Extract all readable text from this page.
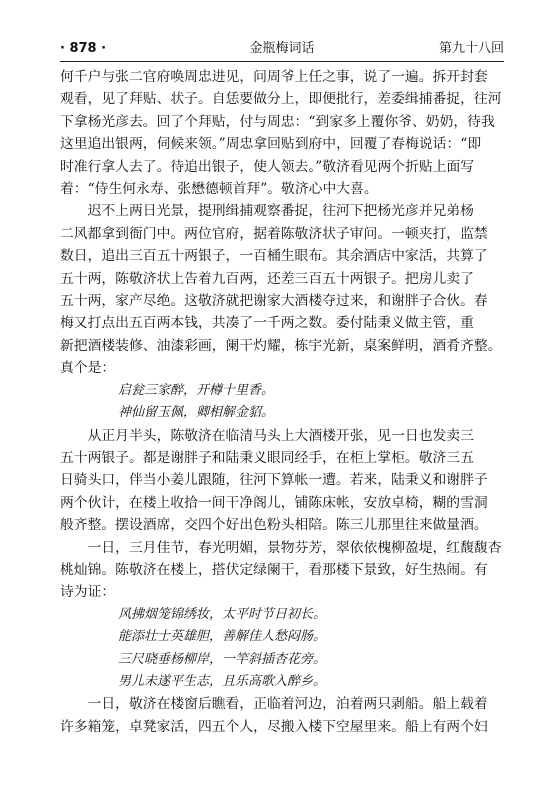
· 878 ·	金瓶梅词话	第九十八回
何千户与张二官府唤周忠进见，问周爷上任之事，说了一遍。拆开封套
观看，见了拜贴、状子。自恁要做分上，即便批行，差委缉捕番捉，往河
下拿杨光彦去。回了个拜贴，付与周忠：“到家多上覆你爷、奶奶，待我
这里追出银两，伺候来领。”周忠拿回贴到府中，回覆了春梅说话：“即
时准行拿人去了。待追出银子，使人领去。”敬济看见两个折贴上面写
着：“侍生何永寿、张懋德顿首拜”。敬济心中大喜。
迟不上两日光景，提刑缉捕观察番捉，往河下把杨光彦并兄弟杨
二风都拿到衙门中。两位官府，据着陈敬济状子审问。一顿夹打，监禁
数日，追出三百五十两银子，一百桶生眼布。其余酒店中家活，共算了
五十两，陈敬济状上告着九百两，还差三百五十两银子。把房儿卖了
五十两，家产尽绝。这敬济就把谢家大酒楼夺过来，和谢胖子合伙。春
梅又打点出五百两本钱，共凑了一千两之数。委付陆秉义做主管，重
新把酒楼装修、油漆彩画，阑干灼耀，栋宇光新，桌案鲜明，酒肴齐整。
真个是：
启瓮三家醉，开樽十里香。
神仙留玉佩，卿相解金貂。
从正月半头，陈敬济在临清马头上大酒楼开张，见一日也发卖三
五十两银子。都是谢胖子和陆秉义眼同经手，在柜上掌柜。敬济三五
日骑头口，伴当小姜儿跟随，往河下算帐一遭。若来，陆秉义和谢胖子
两个伙计，在楼上收拾一间干净阁儿，铺陈床帐，安放卓椅，糊的雪洞
般齐整。摆设酒席，交四个好出色粉头相陪。陈三儿那里往来做量酒。
一日，三月佳节，春光明媚，景物芬芳，翠依依槐柳盈堤，红馥馥杏
桃灿锦。陈敬济在楼上，搭伏定绿阑干，看那楼下景致，好生热闹。有
诗为证：
风拂烟笼锦绣妆，太平时节日初长。
能添壮士英雄胆，善解佳人愁闷肠。
三尺晓垂杨柳岸，一竿斜插杏花旁。
男儿未遂平生志，且乐高歌入醉乡。
一日，敬济在楼窗后瞧看，正临着河边，泊着两只剥船。船上载着
许多箱笼，卓凳家活，四五个人，尽搬入楼下空屋里来。船上有两个妇
